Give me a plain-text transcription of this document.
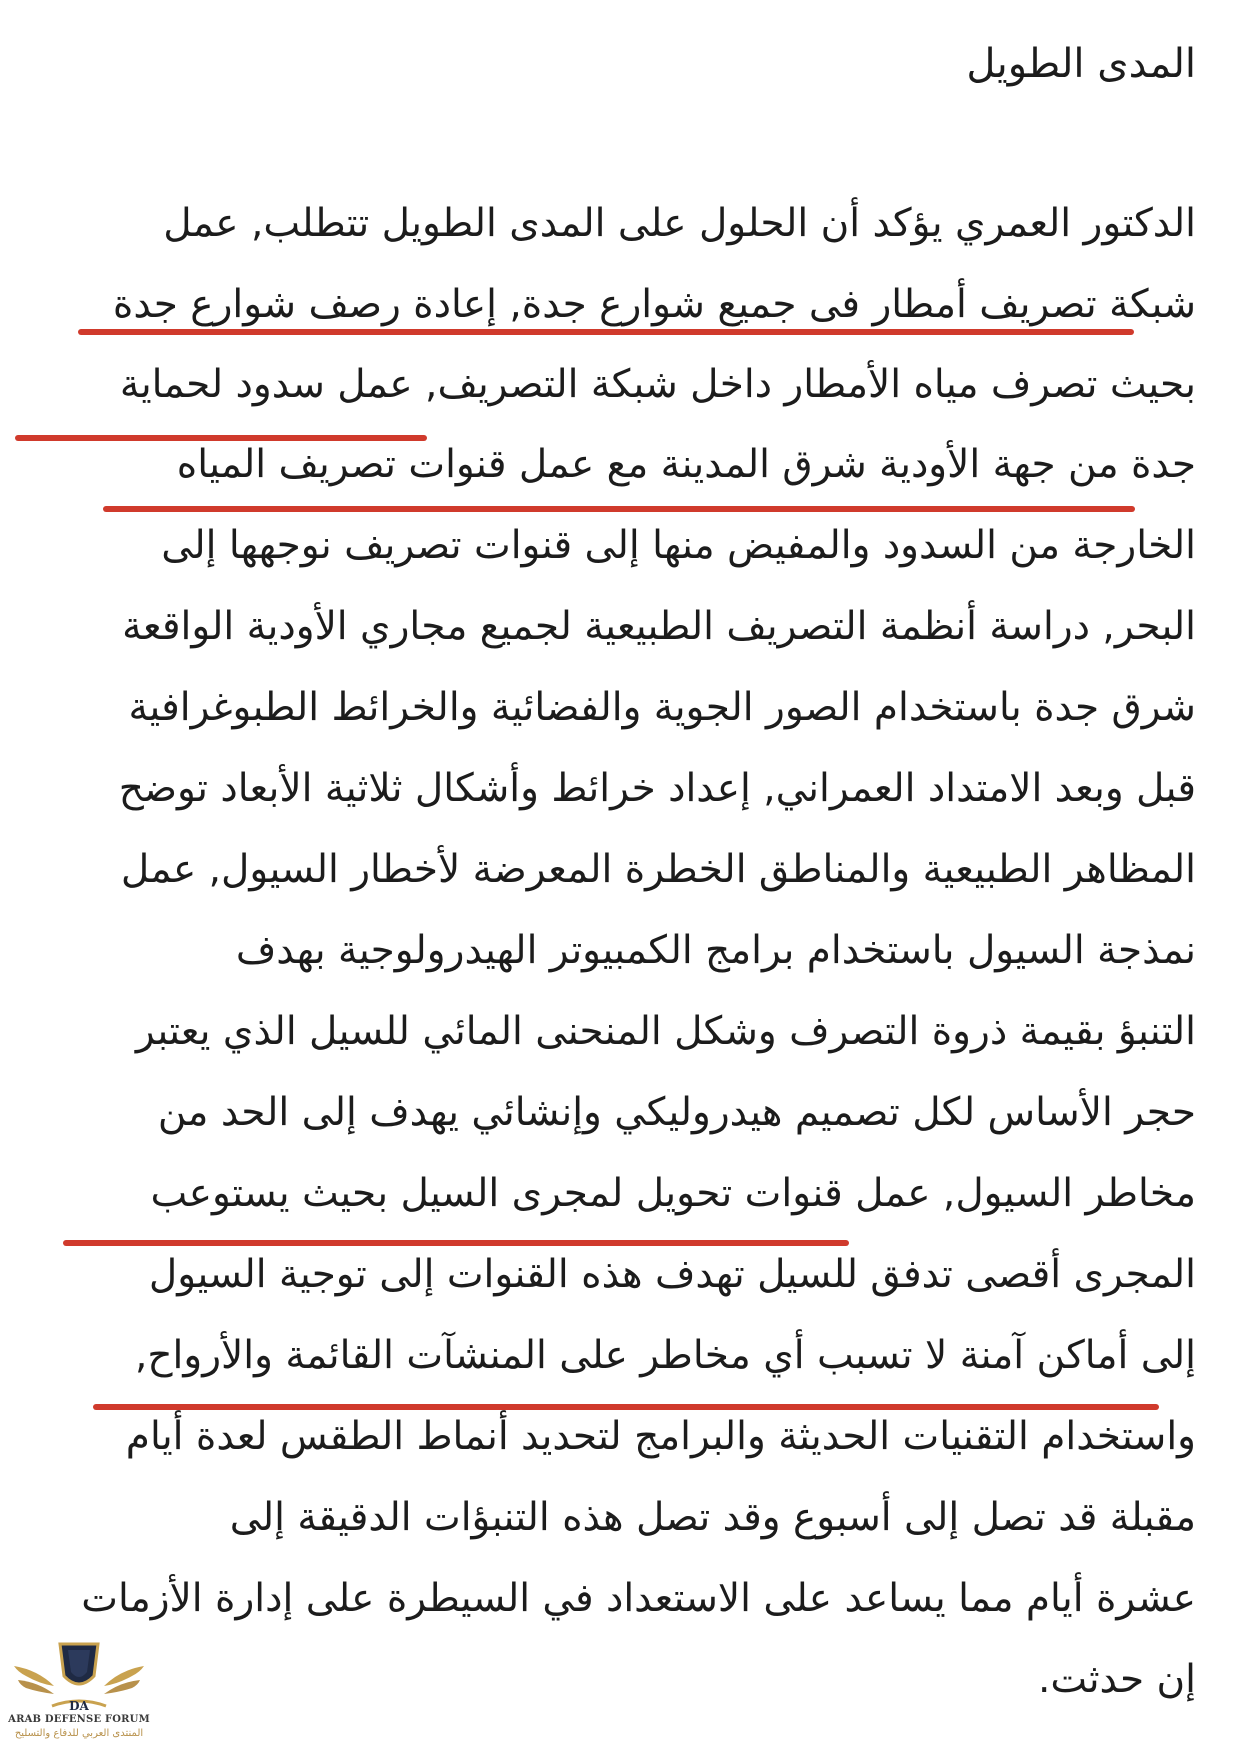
المدى الطويل
الدكتور العمري يؤكد أن الحلول على المدى الطويل تتطلب, عمل
شبكة تصريف أمطار فى جميع شوارع جدة, إعادة رصف شوارع جدة
بحيث تصرف مياه الأمطار داخل شبكة التصريف, عمل سدود لحماية
جدة من جهة الأودية شرق المدينة مع عمل قنوات تصريف المياه
الخارجة من السدود والمفيض منها إلى قنوات تصريف نوجهها إلى
البحر, دراسة أنظمة التصريف الطبيعية لجميع مجاري الأودية الواقعة
شرق جدة باستخدام الصور الجوية والفضائية والخرائط الطبوغرافية
قبل وبعد الامتداد العمراني, إعداد خرائط وأشكال ثلاثية الأبعاد توضح
المظاهر الطبيعية والمناطق الخطرة المعرضة لأخطار السيول, عمل
نمذجة السيول باستخدام برامج الكمبيوتر الهيدرولوجية بهدف
التنبؤ بقيمة ذروة التصرف وشكل المنحنى المائي للسيل الذي يعتبر
حجر الأساس لكل تصميم هيدروليكي وإنشائي يهدف إلى الحد من
مخاطر السيول, عمل قنوات تحويل لمجرى السيل بحيث يستوعب
المجرى أقصى تدفق للسيل تهدف هذه القنوات إلى توجية السيول
إلى أماكن آمنة لا تسبب أي مخاطر على المنشآت القائمة والأرواح,
واستخدام التقنيات الحديثة والبرامج لتحديد أنماط الطقس لعدة أيام
مقبلة قد تصل إلى أسبوع وقد تصل هذه التنبؤات الدقيقة إلى
عشرة أيام مما يساعد على الاستعداد في السيطرة على إدارة الأزمات
إن حدثت.
DA
ARAB DEFENSE FORUM
المنتدى العربي للدفاع والتسليح
